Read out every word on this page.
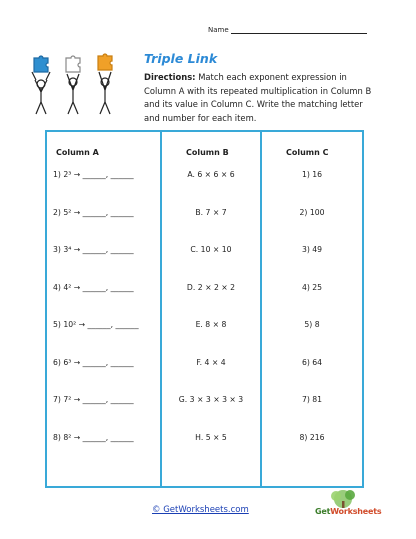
Name
Triple Link
Directions: Match each exponent expression in Column A with its repeated multiplication in Column B and its value in Column C. Write the matching letter and number for each item.
Column A	Column B	Column C
1) 2³ → ______, ______	A. 6 × 6 × 6	1) 16
2) 5² → ______, ______	B. 7 × 7	2) 100
3) 3⁴ → ______, ______	C. 10 × 10	3) 49
4) 4² → ______, ______	D. 2 × 2 × 2	4) 25
5) 10² → ______, ______	E. 8 × 8	5) 8
6) 6³ → ______, ______	F. 4 × 4	6) 64
7) 7² → ______, ______	G. 3 × 3 × 3 × 3	7) 81
8) 8² → ______, ______	H. 5 × 5	8) 216
© GetWorksheets.com	GetWorksheets
